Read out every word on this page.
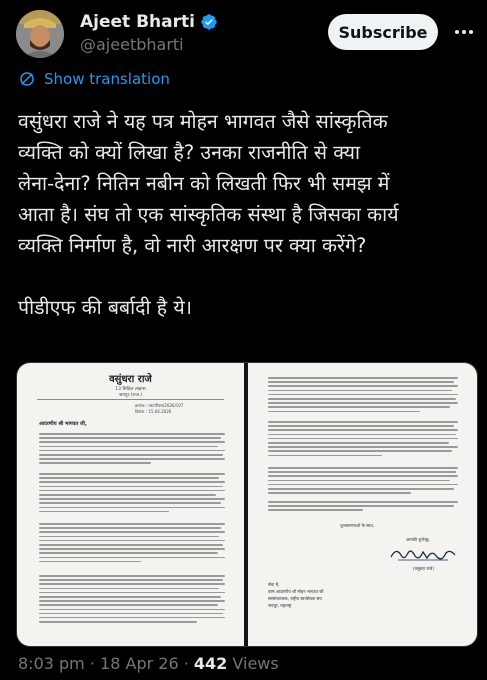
Ajeet Bharti
@ajeetbharti
Subscribe
Show translation
वसुंधरा राजे ने यह पत्र मोहन भागवत जैसे सांस्कृतिक
व्यक्ति को क्यों लिखा है? उनका राजनीति से क्या
लेना-देना? नितिन नबीन को लिखती फिर भी समझ में
आता है। संघ तो एक सांस्कृतिक संस्था है जिसका कार्य
व्यक्ति निर्माण है, वो नारी आरक्षण पर क्या करेंगे?

पीडीएफ की बर्बादी है ये।
वसुंधरा राजे
13 सिविल लाइन्स
जयपुर (राज.)
क्रमांक : वरा/पीएस/2026/107
दिनांक : 15.04.2026
आदरणीय श्री भागवत जी,
शुभकामनाओं के साथ,
आपकी शुभेच्छु,
(वसुंधरा राजे)
सेवा में,
परम आदरणीय श्री मोहन भागवत जी
सरसंघचालक, राष्ट्रीय स्वयंसेवक संघ
जयपुर, महाराष्ट्र
8:03 pm · 18 Apr 26 · 442 Views
